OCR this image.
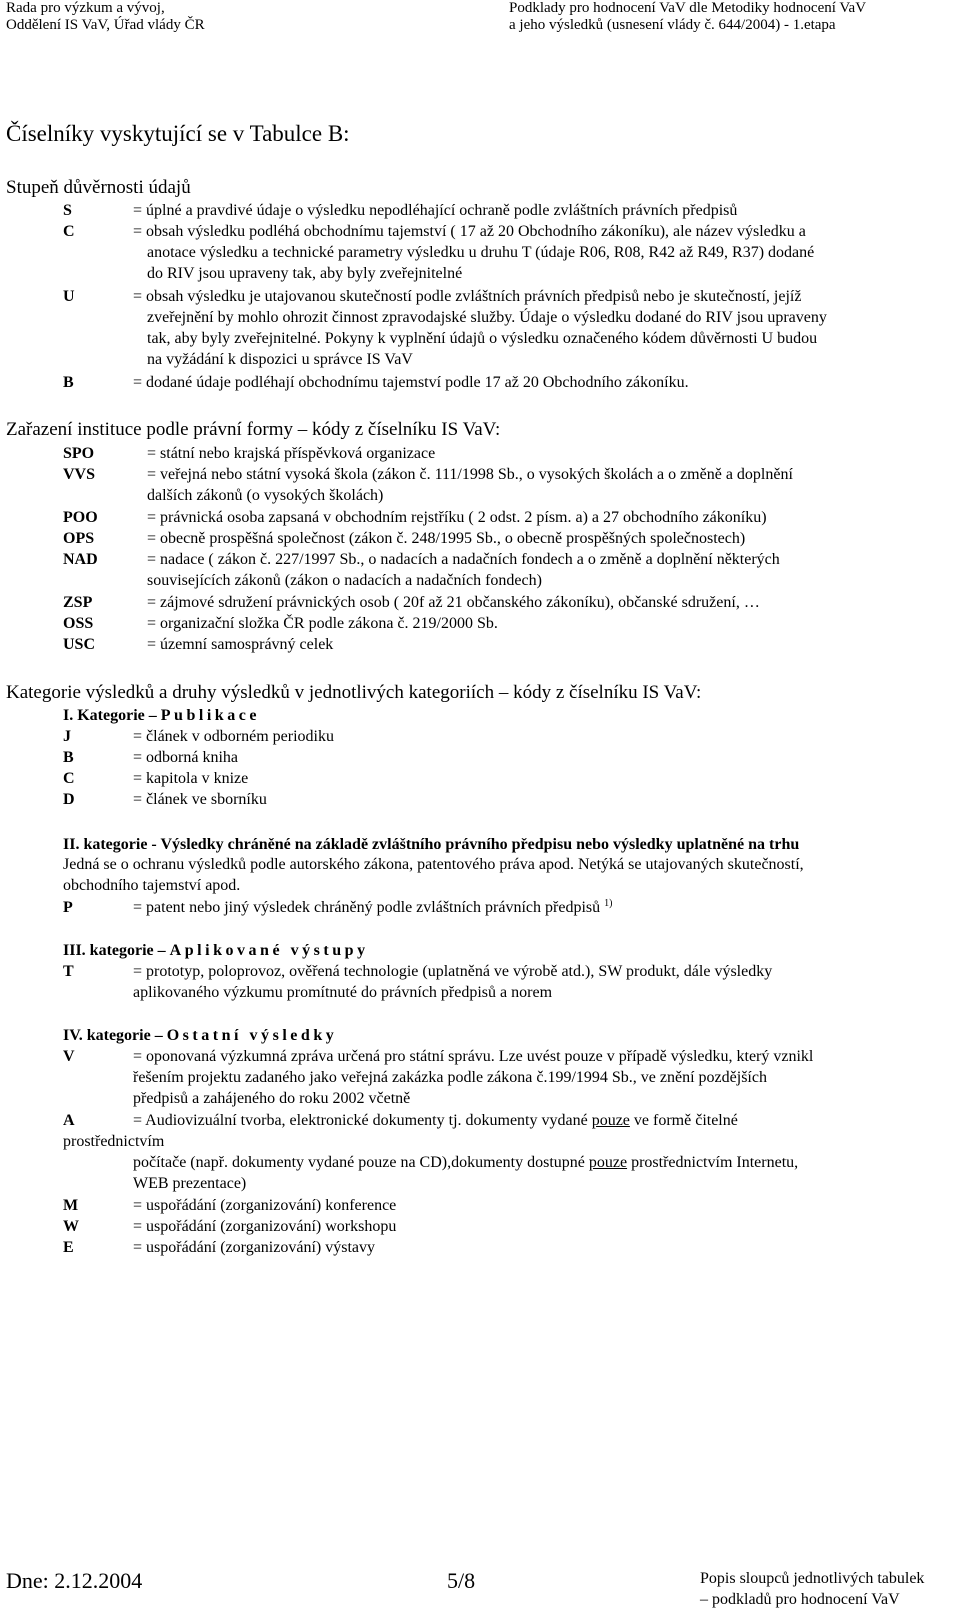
Rada pro výzkum a vývoj,
Oddělení IS VaV, Úřad vlády ČR
Podklady pro hodnocení VaV dle Metodiky hodnocení VaV
a jeho výsledků (usnesení vlády č. 644/2004) - 1.etapa
Číselníky vyskytující se v Tabulce B:
Stupeň důvěrnosti údajů
S	= úplné a pravdivé údaje o výsledku nepodléhající ochraně podle zvláštních právních předpisů
C	= obsah výsledku podléhá obchodnímu tajemství ( 17 až 20 Obchodního zákoníku), ale název výsledku a
anotace výsledku a technické parametry výsledku u druhu T (údaje R06, R08, R42 až R49, R37) dodané
do RIV jsou upraveny tak, aby byly zveřejnitelné
U	= obsah výsledku je utajovanou skutečností podle zvláštních právních předpisů nebo je skutečností, jejíž
zveřejnění by mohlo ohrozit činnost zpravodajské služby. Údaje o výsledku dodané do RIV jsou upraveny
tak, aby byly zveřejnitelné. Pokyny k vyplnění údajů o výsledku označeného kódem důvěrnosti U budou
na vyžádání k dispozici u správce IS VaV
B	= dodané údaje podléhají obchodnímu tajemství podle 17 až 20 Obchodního zákoníku.
Zařazení instituce podle právní formy – kódy z číselníku IS VaV:
SPO	= státní nebo krajská příspěvková organizace
VVS	= veřejná nebo státní vysoká škola (zákon č. 111/1998 Sb., o vysokých školách a o změně a doplnění
dalších zákonů (o vysokých školách)
POO	= právnická osoba zapsaná v obchodním rejstříku ( 2 odst. 2 písm. a) a 27 obchodního zákoníku)
OPS	= obecně prospěšná společnost (zákon č. 248/1995 Sb., o obecně prospěšných společnostech)
NAD	= nadace ( zákon č. 227/1997 Sb., o nadacích a nadačních fondech a o změně a doplnění některých
souvisejících zákonů (zákon o nadacích a nadačních fondech)
ZSP	= zájmové sdružení právnických osob ( 20f až 21 občanského zákoníku), občanské sdružení, …
OSS	= organizační složka ČR podle zákona č. 219/2000 Sb.
USC	= územní samosprávný celek
Kategorie výsledků a druhy výsledků v jednotlivých kategoriích – kódy z číselníku IS VaV:
I. Kategorie – Publikace
J	= článek v odborném periodiku
B	= odborná kniha
C	= kapitola v knize
D	= článek ve sborníku
II. kategorie - Výsledky chráněné na základě zvláštního právního předpisu nebo výsledky uplatněné na trhu
Jedná se o ochranu výsledků podle autorského zákona, patentového práva apod. Netýká se utajovaných skutečností,
obchodního tajemství apod.
P	= patent nebo jiný výsledek chráněný podle zvláštních právních předpisů $^{1)}$
III. kategorie – Aplikované výstupy
T	= prototyp, poloprovoz, ověřená technologie (uplatněná ve výrobě atd.), SW produkt, dále výsledky
aplikovaného výzkumu promítnuté do právních předpisů a norem
IV. kategorie – Ostatní výsledky
V	= oponovaná výzkumná zpráva určená pro státní správu. Lze uvést pouze v případě výsledku, který vznikl
řešením projektu zadaného jako veřejná zakázka podle zákona č.199/1994 Sb., ve znění pozdějších
předpisů a zahájeného do roku 2002 včetně
A	= Audiovizuální tvorba, elektronické dokumenty tj. dokumenty vydané pouze ve formě čitelné
prostřednictvím
počítače (např. dokumenty vydané pouze na CD),dokumenty dostupné pouze prostřednictvím Internetu,
WEB prezentace)
M	= uspořádání (zorganizování) konference
W	= uspořádání (zorganizování) workshopu
E	= uspořádání (zorganizování) výstavy
Dne: 2.12.2004	5/8	Popis sloupců jednotlivých tabulek
– podkladů pro hodnocení VaV
